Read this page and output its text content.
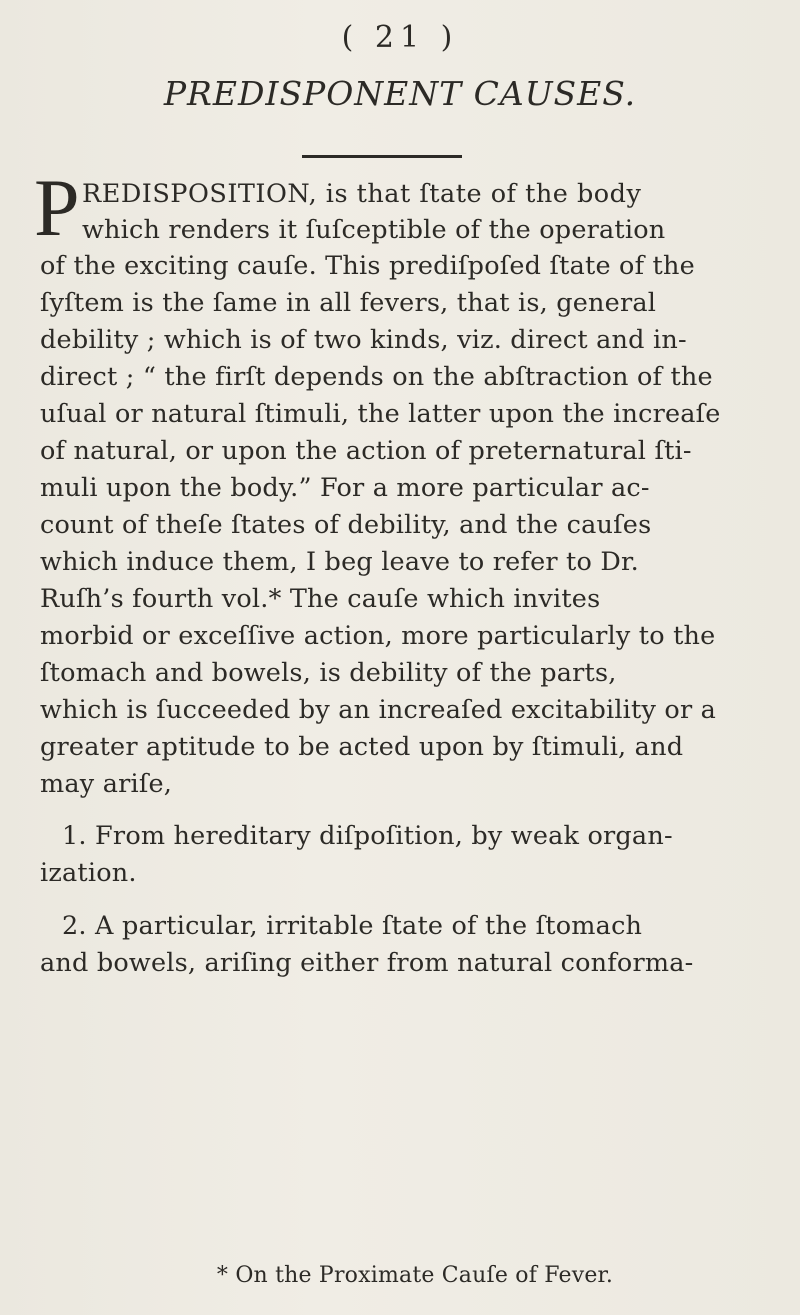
( 21 )
PREDISPONENT CAUSES.
P REDISPOSITION, is that ſtate of the body
which renders it ſuſceptible of the operation
of the exciting cauſe. This prediſpoſed ſtate of the
ſyſtem is the ſame in all fevers, that is, general
debility ; which is of two kinds, viz. direct and in-
direct ; “ the firſt depends on the abſtraction of the
uſual or natural ſtimuli, the latter upon the increaſe
of natural, or upon the action of preternatural ſti-
muli upon the body.” For a more particular ac-
count of theſe ſtates of debility, and the cauſes
which induce them, I beg leave to refer to Dr.
Ruſh’s fourth vol.* The cauſe which invites
morbid or exceſſive action, more particularly to the
ſtomach and bowels, is debility of the parts,
which is ſucceeded by an increaſed excitability or a
greater aptitude to be acted upon by ſtimuli, and
may ariſe,
1. From hereditary diſpoſition, by weak organ-
ization.
2. A particular, irritable ſtate of the ſtomach
and bowels, ariſing either from natural conforma-
* On the Proximate Cauſe of Fever.
